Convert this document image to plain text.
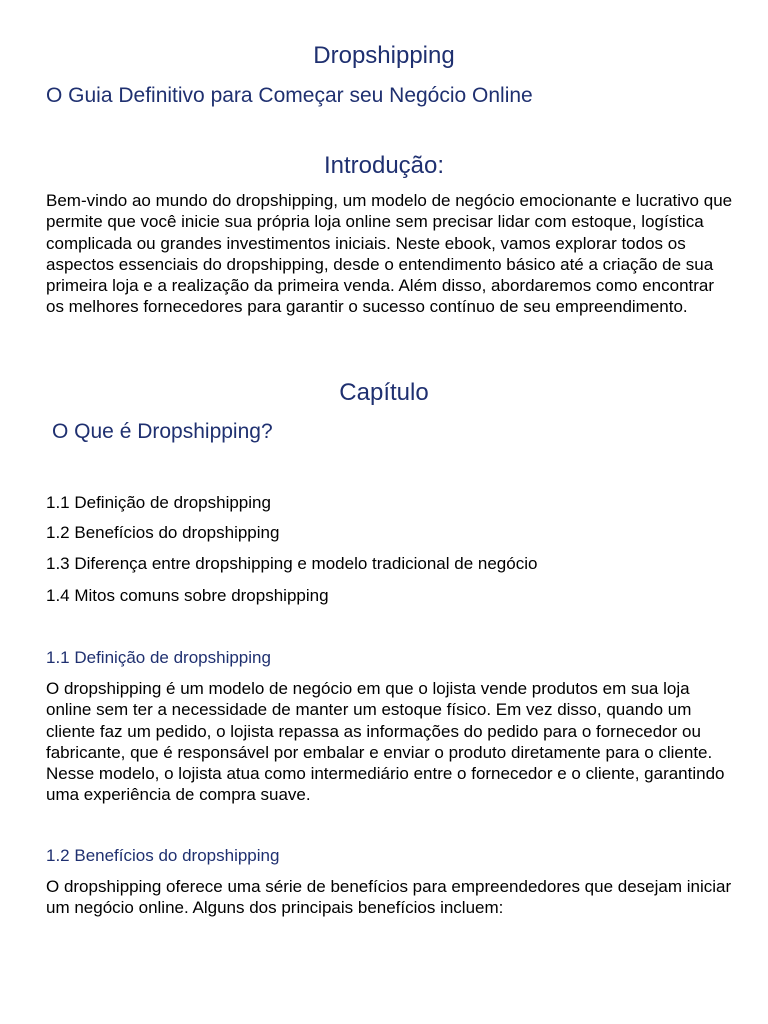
Dropshipping
O Guia Definitivo para Começar seu Negócio Online
Introdução:

Bem-vindo ao mundo do dropshipping, um modelo de negócio emocionante e lucrativo que permite que você inicie sua própria loja online sem precisar lidar com estoque, logística complicada ou grandes investimentos iniciais. Neste ebook, vamos explorar todos os aspectos essenciais do dropshipping, desde o entendimento básico até a criação de sua primeira loja e a realização da primeira venda. Além disso, abordaremos como encontrar os melhores fornecedores para garantir o sucesso contínuo de seu empreendimento.

Capítulo
O Que é Dropshipping?

1.1 Definição de dropshipping

1.2 Benefícios do dropshipping

1.3 Diferença entre dropshipping e modelo tradicional de negócio

1.4 Mitos comuns sobre dropshipping

1.1 Definição de dropshipping

O dropshipping é um modelo de negócio em que o lojista vende produtos em sua loja online sem ter a necessidade de manter um estoque físico. Em vez disso, quando um cliente faz um pedido, o lojista repassa as informações do pedido para o fornecedor ou fabricante, que é responsável por embalar e enviar o produto diretamente para o cliente. Nesse modelo, o lojista atua como intermediário entre o fornecedor e o cliente, garantindo uma experiência de compra suave.

1.2 Benefícios do dropshipping

O dropshipping oferece uma série de benefícios para empreendedores que desejam iniciar um negócio online. Alguns dos principais benefícios incluem:
